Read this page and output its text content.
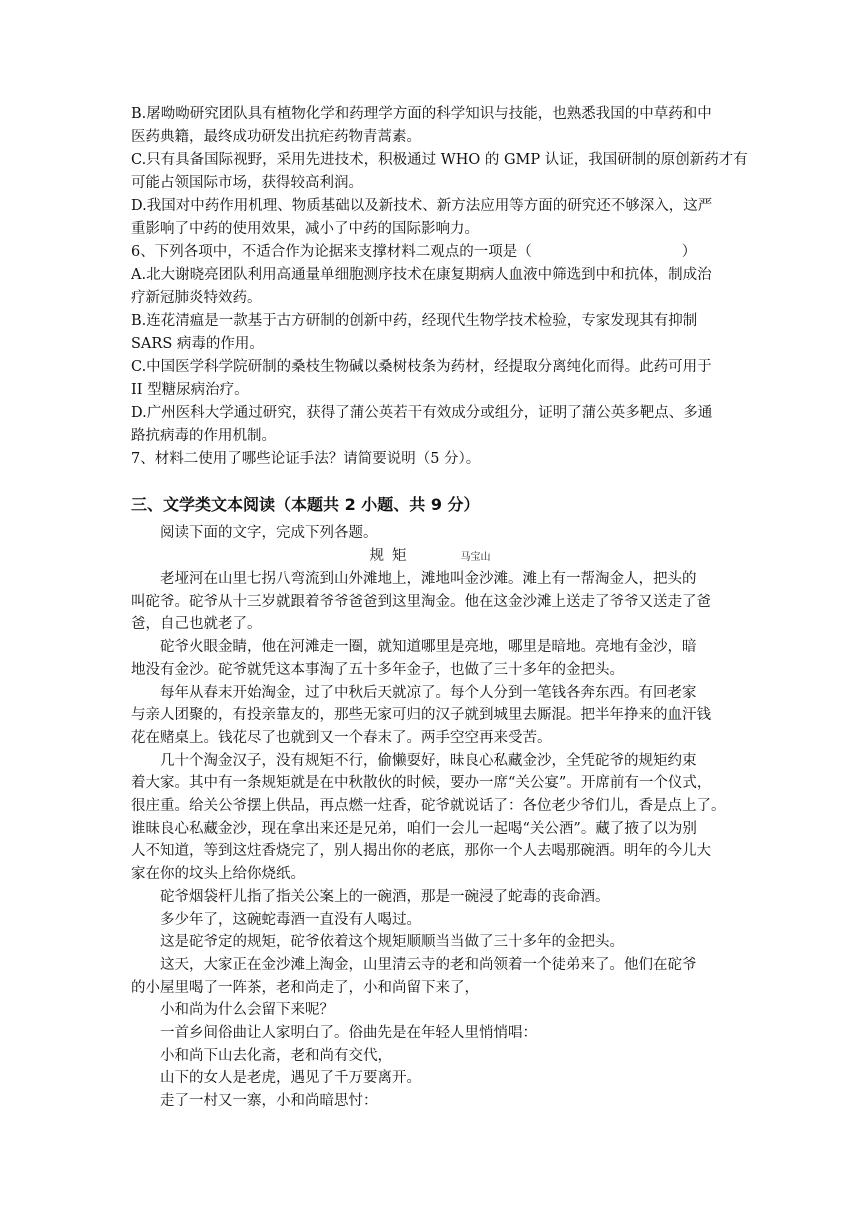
B.屠呦呦研究团队具有植物化学和药理学方面的科学知识与技能，也熟悉我国的中草药和中
医药典籍，最终成功研发出抗疟药物青蒿素。
C.只有具备国际视野，采用先进技术，积极通过 WHO 的 GMP 认证，我国研制的原创新药才有
可能占领国际市场，获得较高利润。
D.我国对中药作用机理、物质基础以及新技术、新方法应用等方面的研究还不够深入，这严
重影响了中药的使用效果，减小了中药的国际影响力。
6、下列各项中，不适合作为论据来支撑材料二观点的一项是（	）
A.北大谢晓亮团队利用高通量单细胞测序技术在康复期病人血液中筛选到中和抗体，制成治
疗新冠肺炎特效药。
B.连花清瘟是一款基于古方研制的创新中药，经现代生物学技术检验，专家发现其有抑制
SARS 病毒的作用。
C.中国医学科学院研制的桑枝生物碱以桑树枝条为药材，经提取分离纯化而得。此药可用于
II 型糖尿病治疗。
D.广州医科大学通过研究，获得了蒲公英若干有效成分或组分，证明了蒲公英多靶点、多通
路抗病毒的作用机制。
7、材料二使用了哪些论证手法？请简要说明（5 分）。
三、文学类文本阅读（本题共 2 小题、共 9 分）
阅读下面的文字，完成下列各题。
规矩	马宝山
老垭河在山里七拐八弯流到山外滩地上，滩地叫金沙滩。滩上有一帮淘金人，把头的
叫砣爷。砣爷从十三岁就跟着爷爷爸爸到这里淘金。他在这金沙滩上送走了爷爷又送走了爸
爸，自己也就老了。
砣爷火眼金睛，他在河滩走一圈，就知道哪里是亮地，哪里是暗地。亮地有金沙，暗
地没有金沙。砣爷就凭这本事淘了五十多年金子，也做了三十多年的金把头。
每年从春末开始淘金，过了中秋后天就凉了。每个人分到一笔钱各奔东西。有回老家
与亲人团聚的，有投亲靠友的，那些无家可归的汉子就到城里去厮混。把半年挣来的血汗钱
花在赌桌上。钱花尽了也就到又一个春末了。两手空空再来受苦。
几十个淘金汉子，没有规矩不行，偷懒耍好，昧良心私藏金沙，全凭砣爷的规矩约束
着大家。其中有一条规矩就是在中秋散伙的时候，要办一席“关公宴”。开席前有一个仪式，
很庄重。给关公爷摆上供品，再点燃一炷香，砣爷就说话了：各位老少爷们儿，香是点上了。
谁昧良心私藏金沙，现在拿出来还是兄弟，咱们一会儿一起喝“关公酒”。藏了掖了以为别
人不知道，等到这炷香烧完了，别人揭出你的老底，那你一个人去喝那碗酒。明年的今儿大
家在你的坟头上给你烧纸。
砣爷烟袋杆儿指了指关公案上的一碗酒，那是一碗浸了蛇毒的丧命酒。
多少年了，这碗蛇毒酒一直没有人喝过。
这是砣爷定的规矩，砣爷依着这个规矩顺顺当当做了三十多年的金把头。
这天，大家正在金沙滩上淘金，山里清云寺的老和尚领着一个徒弟来了。他们在砣爷
的小屋里喝了一阵茶，老和尚走了，小和尚留下来了，
小和尚为什么会留下来呢？
一首乡间俗曲让人家明白了。俗曲先是在年轻人里悄悄唱：
小和尚下山去化斋，老和尚有交代，
山下的女人是老虎，遇见了千万要离开。
走了一村又一寨，小和尚暗思忖：
